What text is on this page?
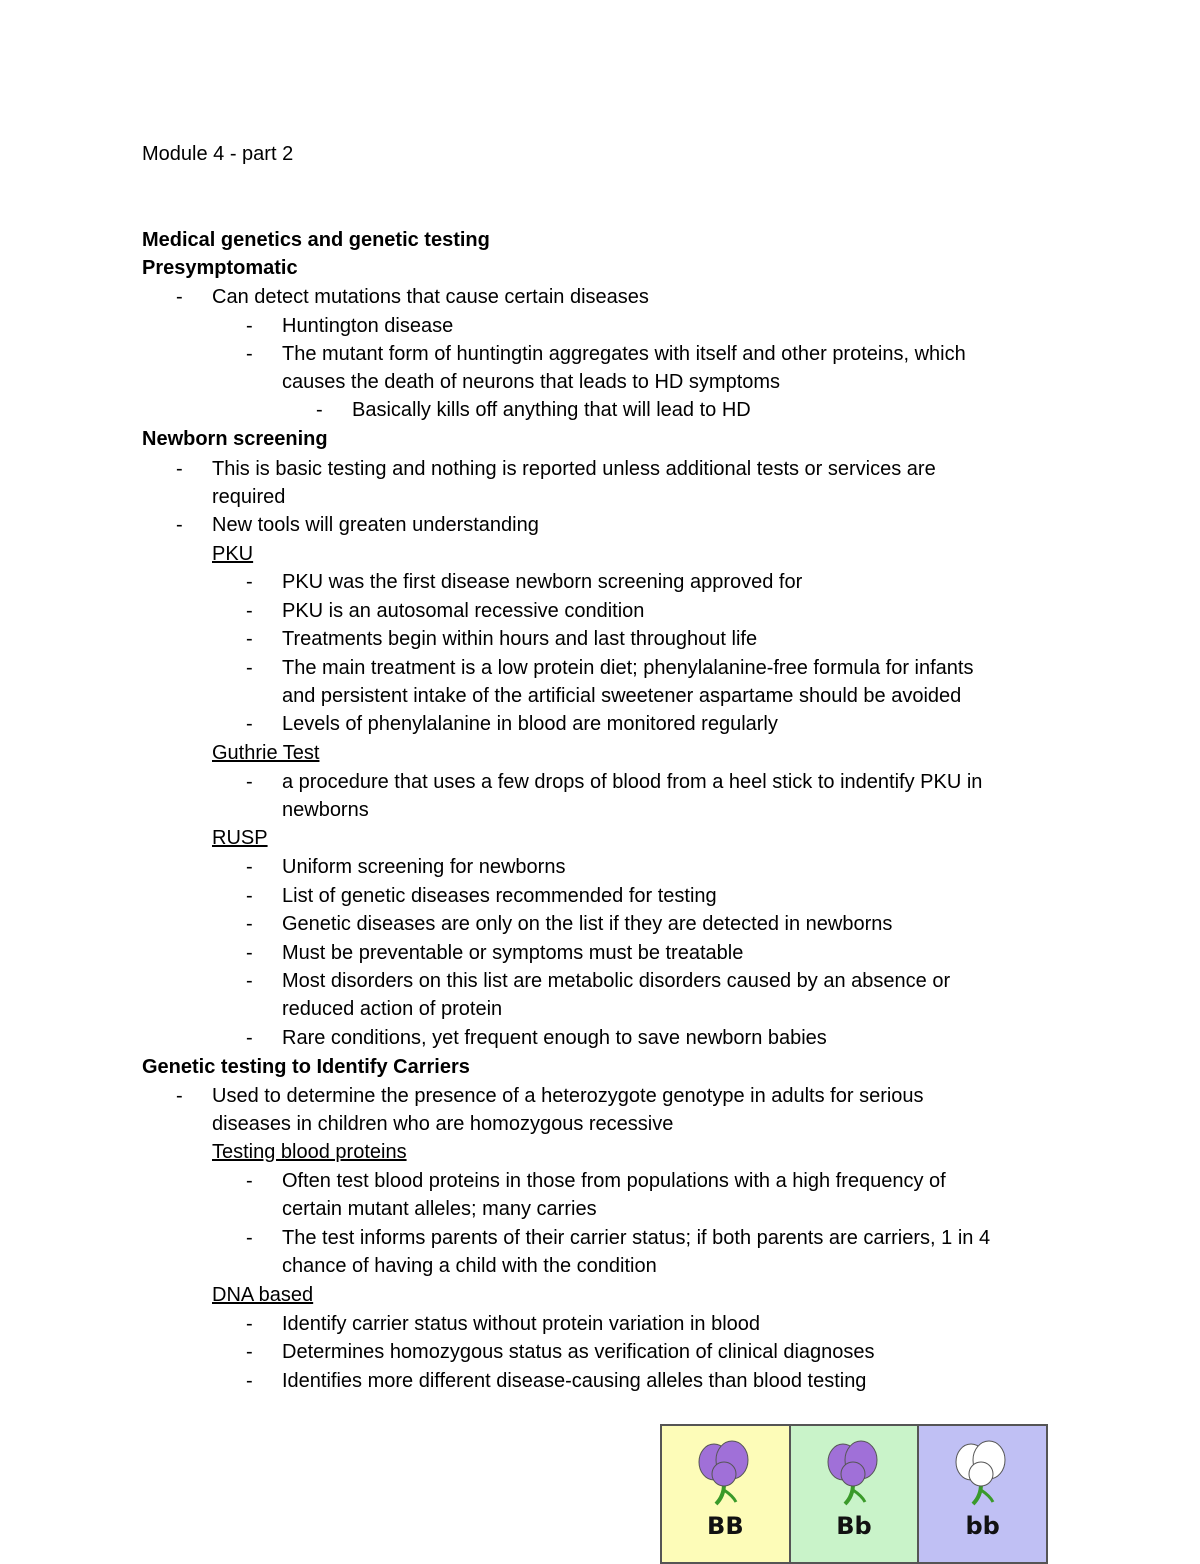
Module 4 - part 2
Medical genetics and genetic testing
Presymptomatic
- Can detect mutations that cause certain diseases
- Huntington disease
- The mutant form of huntingtin aggregates with itself and other proteins, which
causes the death of neurons that leads to HD symptoms
- Basically kills off anything that will lead to HD
Newborn screening
- This is basic testing and nothing is reported unless additional tests or services are
required
- New tools will greaten understanding
PKU
- PKU was the first disease newborn screening approved for
- PKU is an autosomal recessive condition
- Treatments begin within hours and last throughout life
- The main treatment is a low protein diet; phenylalanine-free formula for infants
and persistent intake of the artificial sweetener aspartame should be avoided
- Levels of phenylalanine in blood are monitored regularly
Guthrie Test
- a procedure that uses a few drops of blood from a heel stick to indentify PKU in
newborns
RUSP
- Uniform screening for newborns
- List of genetic diseases recommended for testing
- Genetic diseases are only on the list if they are detected in newborns
- Must be preventable or symptoms must be treatable
- Most disorders on this list are metabolic disorders caused by an absence or
reduced action of protein
- Rare conditions, yet frequent enough to save newborn babies
Genetic testing to Identify Carriers
- Used to determine the presence of a heterozygote genotype in adults for serious
diseases in children who are homozygous recessive
Testing blood proteins
- Often test blood proteins in those from populations with a high frequency of
certain mutant alleles; many carries
- The test informs parents of their carrier status; if both parents are carriers, 1 in 4
chance of having a child with the condition
DNA based
- Identify carrier status without protein variation in blood
- Determines homozygous status as verification of clinical diagnoses
- Identifies more different disease-causing alleles than blood testing
BB	Bb	bb
